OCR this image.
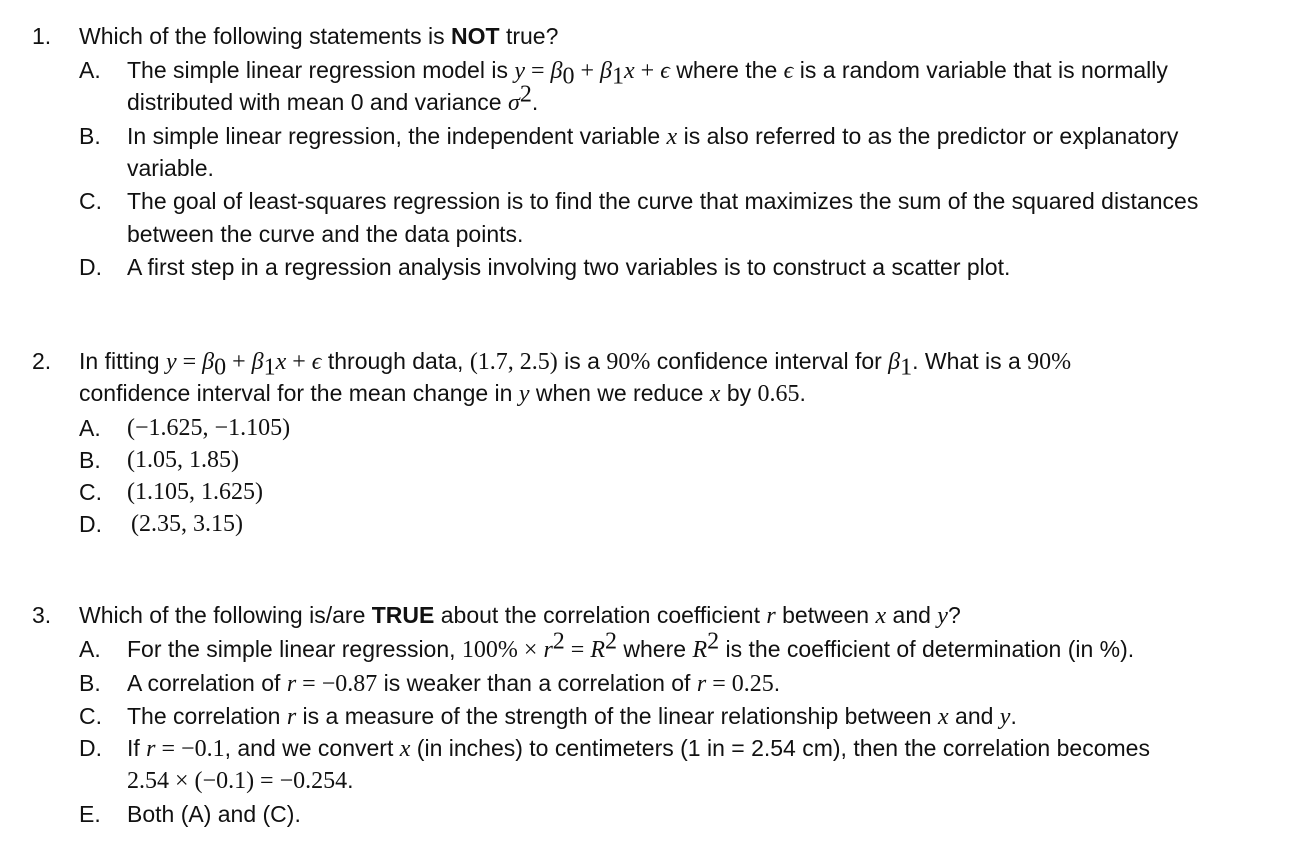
1. Which of the following statements is NOT true?
A. The simple linear regression model is $y = \beta_0 + \beta_1x + \epsilon$ where the ϵ is a random variable that is normally
distributed with mean 0 and variance $\sigma^2$.
B. In simple linear regression, the independent variable x is also referred to as the predictor or explanatory
variable.
C. The goal of least-squares regression is to find the curve that maximizes the sum of the squared distances
between the curve and the data points.
D. A first step in a regression analysis involving two variables is to construct a scatter plot.
2. In fitting $y = \beta_0 + \beta_1x + \epsilon$ through data, (1.7, 2.5) is a 90% confidence interval for $\beta_1$. What is a 90%
confidence interval for the mean change in y when we reduce x by 0.65.
A. (−1.625, −1.105)
B. (1.05, 1.85)
C. (1.105, 1.625)
D. (2.35, 3.15)
3. Which of the following is/are TRUE about the correlation coefficient r between x and y?
A. For the simple linear regression, $100\% \times r^2 = R^2$ where $R^2$ is the coefficient of determination (in %).
B. A correlation of r = −0.87 is weaker than a correlation of r = 0.25.
C. The correlation r is a measure of the strength of the linear relationship between x and y.
D. If r = −0.1, and we convert x (in inches) to centimeters (1 in = 2.54 cm), then the correlation becomes
2.54 × (−0.1) = −0.254.
E. Both (A) and (C).
